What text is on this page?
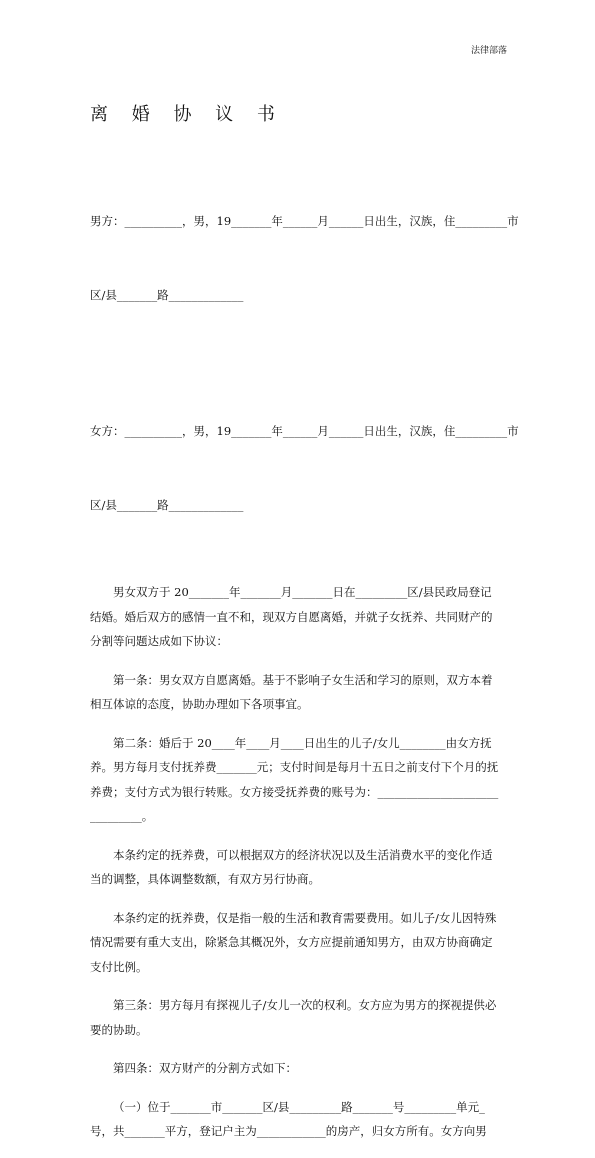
法律部落
离 婚 协 议 书

男方：__________，男，19_______年______月______日出生，汉族，住_________市

区/县_______路_____________

女方：__________，男，19_______年______月______日出生，汉族，住_________市

区/县_______路_____________

男女双方于 20_______年_______月_______日在_________区/县民政局登记结婚。婚后双方的感情一直不和，现双方自愿离婚，并就子女抚养、共同财产的分割等问题达成如下协议：

第一条：男女双方自愿离婚。基于不影响子女生活和学习的原则，双方本着相互体谅的态度，协助办理如下各项事宜。

第二条：婚后于 20____年____月____日出生的儿子/女儿________由女方抚养。男方每月支付抚养费_______元；支付时间是每月十五日之前支付下个月的抚养费；支付方式为银行转账。女方接受抚养费的账号为：______________________________。

本条约定的抚养费，可以根据双方的经济状况以及生活消费水平的变化作适当的调整，具体调整数额，有双方另行协商。

本条约定的抚养费，仅是指一般的生活和教育需要费用。如儿子/女儿因特殊情况需要有重大支出，除紧急其概况外，女方应提前通知男方，由双方协商确定支付比例。

第三条：男方每月有探视儿子/女儿一次的权利。女方应为男方的探视提供必要的协助。

第四条：双方财产的分割方式如下：

（一）位于_______市_______区/县_________路_______号_________单元_号，共_______平方，登记户主为____________的房产，归女方所有。女方向男
